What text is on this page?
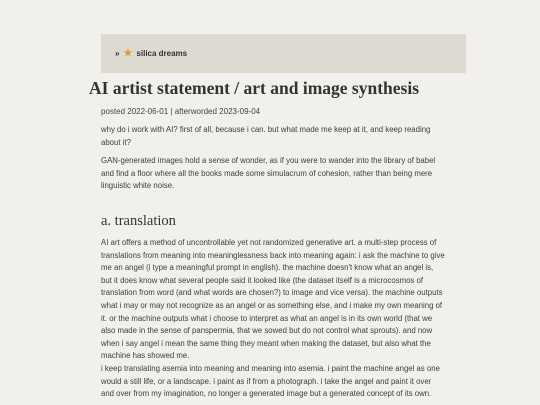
» ★ silica dreams
AI artist statement / art and image synthesis
posted 2022-06-01 | afterworded 2023-09-04

why do i work with AI? first of all, because i can. but what made me keep at it, and keep reading about it?

GAN-generated images hold a sense of wonder, as if you were to wander into the library of babel and find a floor where all the books made some simulacrum of cohesion, rather than being mere linguistic white noise.

a. translation

AI art offers a method of uncontrollable yet not randomized generative art. a multi-step process of translations from meaning into meaninglessness back into meaning again: i ask the machine to give me an angel (i type a meaningful prompt in english). the machine doesn't know what an angel is, but it does know what several people said it looked like (the dataset itself is a microcosmos of translation from word (and what words are chosen?) to image and vice versa). the machine outputs what i may or may not recognize as an angel or as something else, and i make my own meaning of it. or the machine outputs what i choose to interpret as what an angel is in its own world (that we also made in the sense of panspermia, that we sowed but do not control what sprouts). and now when i say angel i mean the same thing they meant when making the dataset, but also what the machine has showed me.

i keep translating asemia into meaning and meaning into asemia. i paint the machine angel as one would a still life, or a landscape. i paint as if from a photograph. i take the angel and paint it over and over from my imagination, no longer a generated image but a generated concept of its own.
